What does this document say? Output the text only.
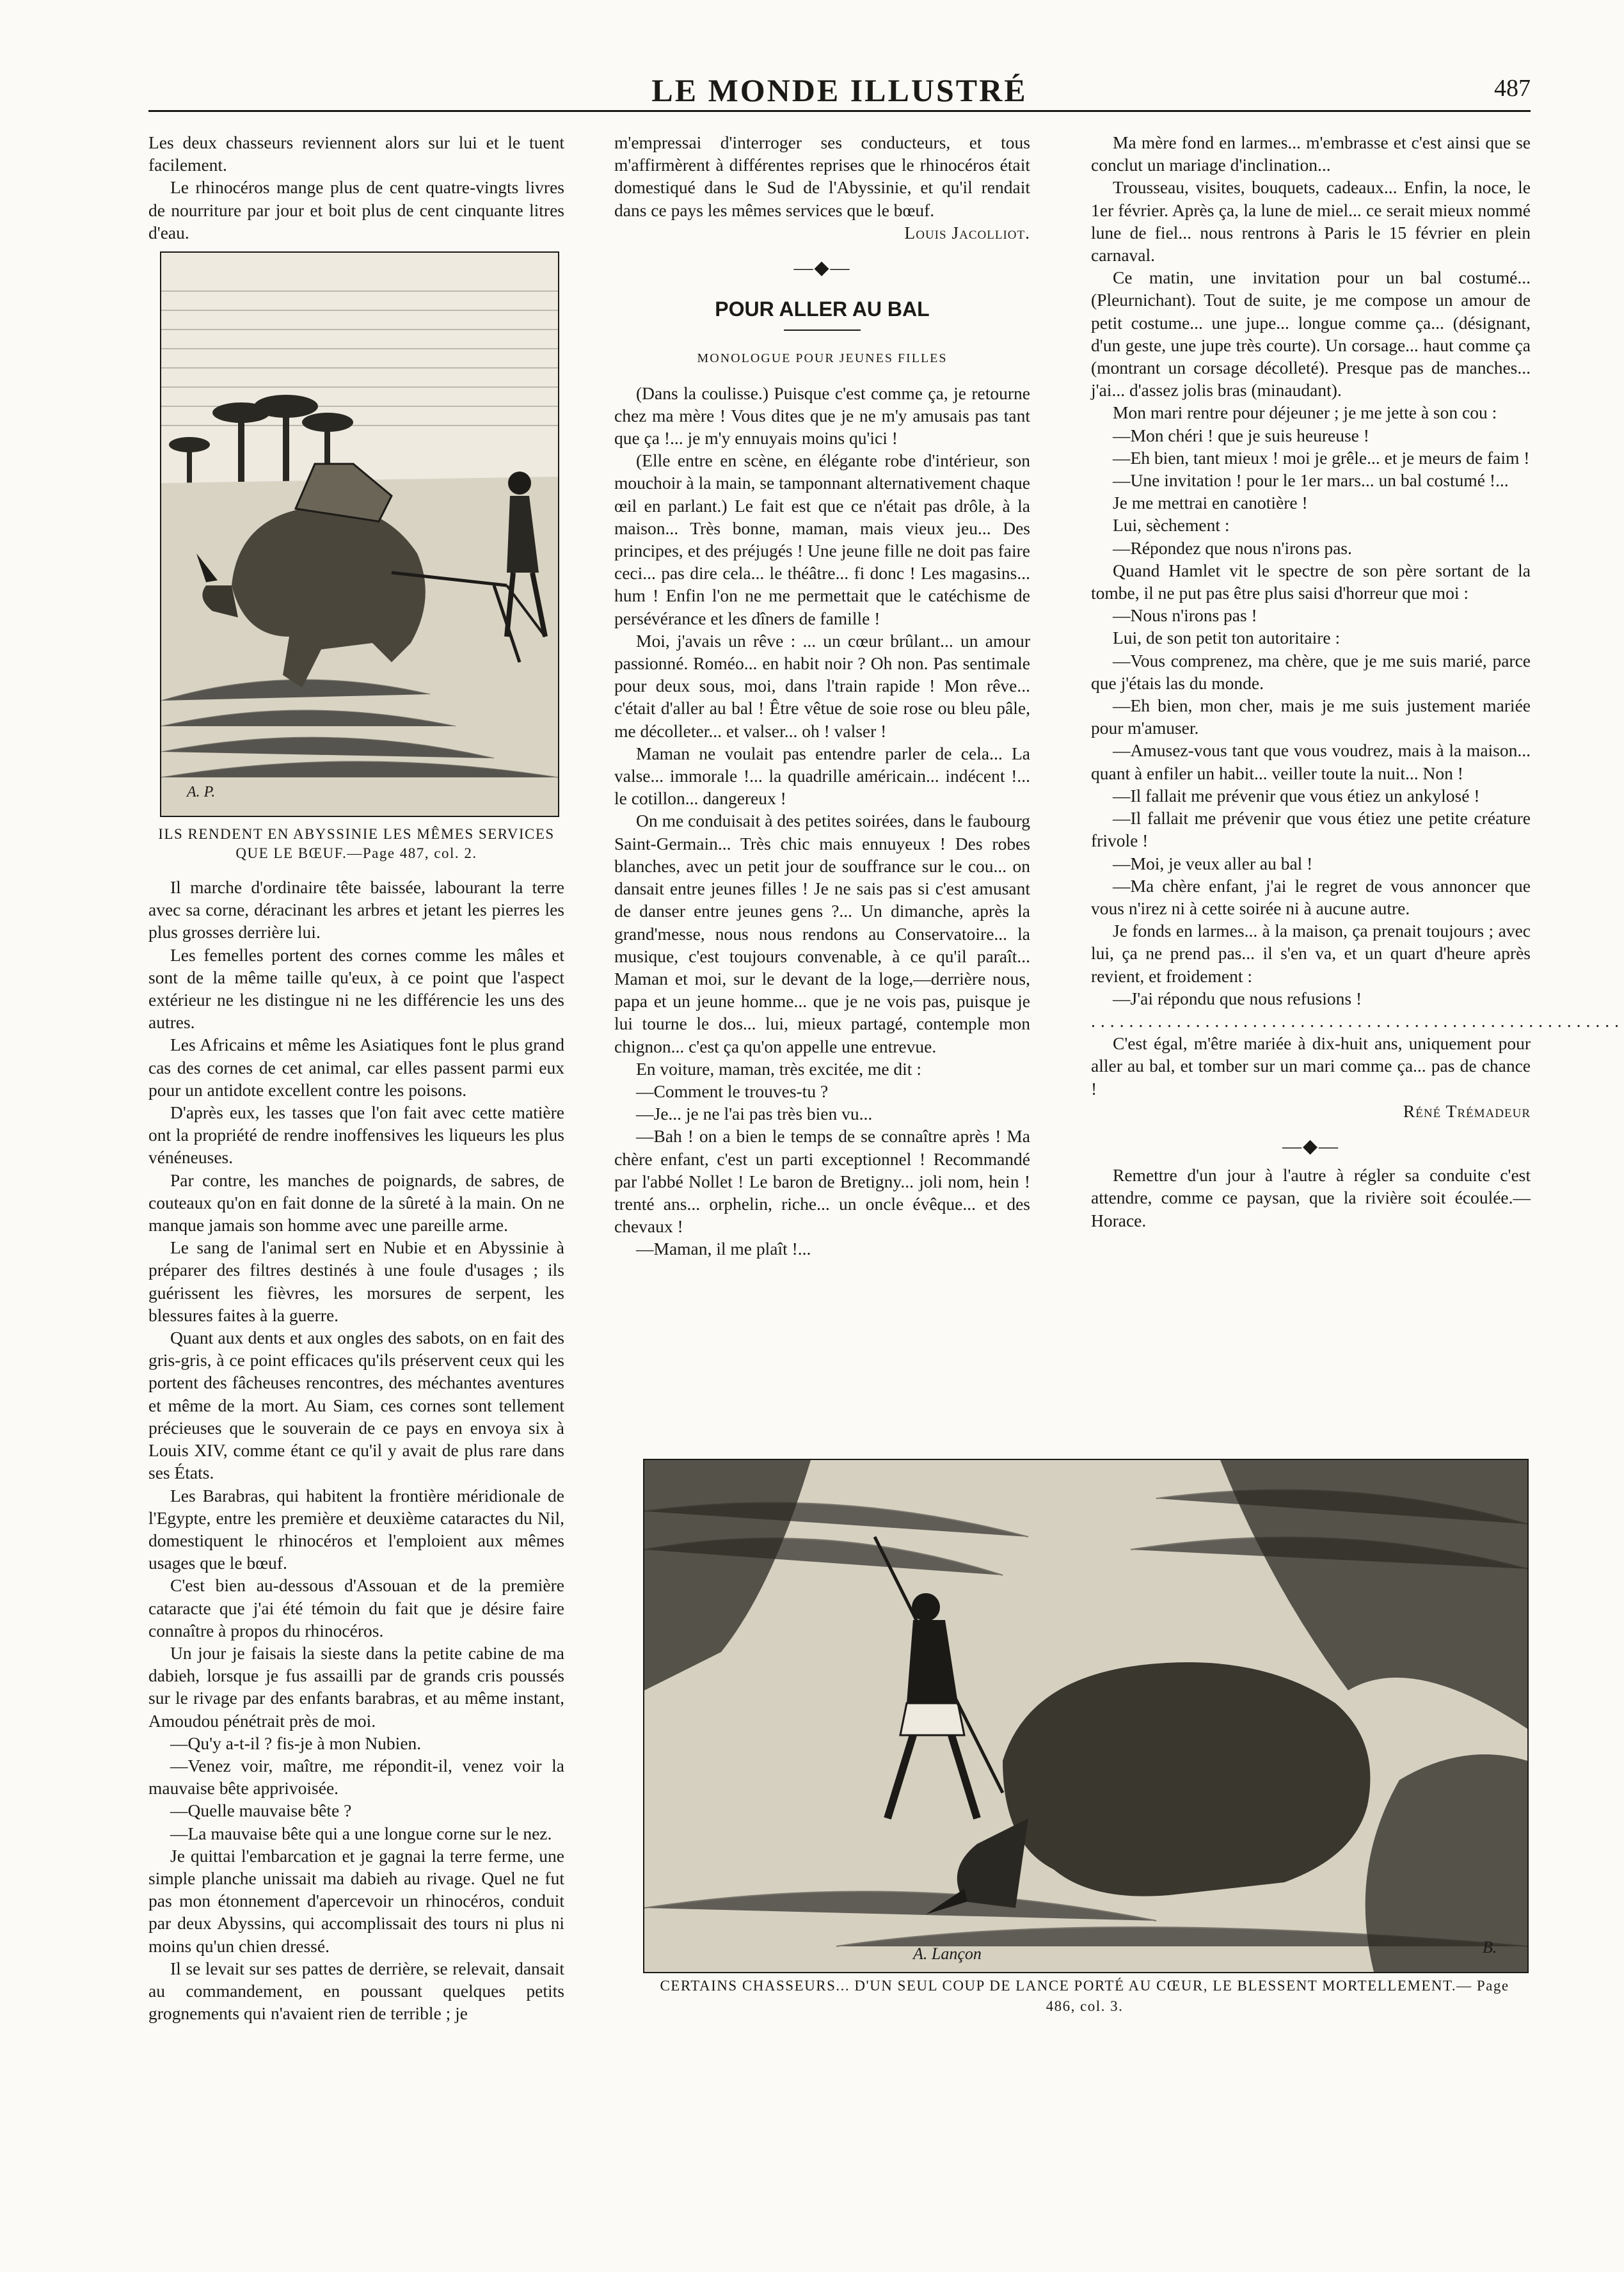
LE MONDE ILLUSTRÉ	487

Les deux chasseurs reviennent alors sur lui et le tuent facilement.

Le rhinocéros mange plus de cent quatre-vingts livres de nourriture par jour et boit plus de cent cinquante litres d'eau.

A. P.
ILS RENDENT EN ABYSSINIE LES MÊMES SERVICES QUE LE BŒUF.—Page 487, col. 2.

Il marche d'ordinaire tête baissée, labourant la terre avec sa corne, déracinant les arbres et jetant les pierres les plus grosses derrière lui.

Les femelles portent des cornes comme les mâles et sont de la même taille qu'eux, à ce point que l'aspect extérieur ne les distingue ni ne les différencie les uns des autres.

Les Africains et même les Asiatiques font le plus grand cas des cornes de cet animal, car elles passent parmi eux pour un antidote excellent contre les poisons.

D'après eux, les tasses que l'on fait avec cette matière ont la propriété de rendre inoffensives les liqueurs les plus vénéneuses.

Par contre, les manches de poignards, de sabres, de couteaux qu'on en fait donne de la sûreté à la main. On ne manque jamais son homme avec une pareille arme.

Le sang de l'animal sert en Nubie et en Abyssinie à préparer des filtres destinés à une foule d'usages ; ils guérissent les fièvres, les morsures de serpent, les blessures faites à la guerre.

Quant aux dents et aux ongles des sabots, on en fait des gris-gris, à ce point efficaces qu'ils préservent ceux qui les portent des fâcheuses rencontres, des méchantes aventures et même de la mort. Au Siam, ces cornes sont tellement précieuses que le souverain de ce pays en envoya six à Louis XIV, comme étant ce qu'il y avait de plus rare dans ses États.

Les Barabras, qui habitent la frontière méridionale de l'Egypte, entre les première et deuxième cataractes du Nil, domestiquent le rhinocéros et l'emploient aux mêmes usages que le bœuf.

C'est bien au-dessous d'Assouan et de la première cataracte que j'ai été témoin du fait que je désire faire connaître à propos du rhinocéros.

Un jour je faisais la sieste dans la petite cabine de ma dabieh, lorsque je fus assailli par de grands cris poussés sur le rivage par des enfants barabras, et au même instant, Amoudou pénétrait près de moi.

—Qu'y a-t-il ? fis-je à mon Nubien.

—Venez voir, maître, me répondit-il, venez voir la mauvaise bête apprivoisée.

—Quelle mauvaise bête ?

—La mauvaise bête qui a une longue corne sur le nez.

Je quittai l'embarcation et je gagnai la terre ferme, une simple planche unissait ma dabieh au rivage. Quel ne fut pas mon étonnement d'apercevoir un rhinocéros, conduit par deux Abyssins, qui accomplissait des tours ni plus ni moins qu'un chien dressé.

Il se levait sur ses pattes de derrière, se relevait, dansait au commandement, en poussant quelques petits grognements qui n'avaient rien de terrible ; je

m'empressai d'interroger ses conducteurs, et tous m'affirmèrent à différentes reprises que le rhinocéros était domestiqué dans le Sud de l'Abyssinie, et qu'il rendait dans ce pays les mêmes services que le bœuf.

Louis Jacolliot.
—◆—
POUR ALLER AU BAL
MONOLOGUE POUR JEUNES FILLES

(Dans la coulisse.) Puisque c'est comme ça, je retourne chez ma mère ! Vous dites que je ne m'y amusais pas tant que ça !... je m'y ennuyais moins qu'ici !

(Elle entre en scène, en élégante robe d'intérieur, son mouchoir à la main, se tamponnant alternativement chaque œil en parlant.) Le fait est que ce n'était pas drôle, à la maison... Très bonne, maman, mais vieux jeu... Des principes, et des préjugés ! Une jeune fille ne doit pas faire ceci... pas dire cela... le théâtre... fi donc ! Les magasins... hum ! Enfin l'on ne me permettait que le catéchisme de persévérance et les dîners de famille !

Moi, j'avais un rêve : ... un cœur brûlant... un amour passionné. Roméo... en habit noir ? Oh non. Pas sentimale pour deux sous, moi, dans l'train rapide ! Mon rêve... c'était d'aller au bal ! Être vêtue de soie rose ou bleu pâle, me décolleter... et valser... oh ! valser !

Maman ne voulait pas entendre parler de cela... La valse... immorale !... la quadrille américain... indécent !... le cotillon... dangereux !

On me conduisait à des petites soirées, dans le faubourg Saint-Germain... Très chic mais ennuyeux ! Des robes blanches, avec un petit jour de souffrance sur le cou... on dansait entre jeunes filles ! Je ne sais pas si c'est amusant de danser entre jeunes gens ?... Un dimanche, après la grand'messe, nous nous rendons au Conservatoire... la musique, c'est toujours convenable, à ce qu'il paraît... Maman et moi, sur le devant de la loge,—derrière nous, papa et un jeune homme... que je ne vois pas, puisque je lui tourne le dos... lui, mieux partagé, contemple mon chignon... c'est ça qu'on appelle une entrevue.

En voiture, maman, très excitée, me dit :

—Comment le trouves-tu ?

—Je... je ne l'ai pas très bien vu...

—Bah ! on a bien le temps de se connaître après ! Ma chère enfant, c'est un parti exceptionnel ! Recommandé par l'abbé Nollet ! Le baron de Bretigny... joli nom, hein ! trenté ans... orphelin, riche... un oncle évêque... et des chevaux !

—Maman, il me plaît !...

Ma mère fond en larmes... m'embrasse et c'est ainsi que se conclut un mariage d'inclination...

Trousseau, visites, bouquets, cadeaux... Enfin, la noce, le 1er février. Après ça, la lune de miel... ce serait mieux nommé lune de fiel... nous rentrons à Paris le 15 février en plein carnaval.

Ce matin, une invitation pour un bal costumé... (Pleurnichant). Tout de suite, je me compose un amour de petit costume... une jupe... longue comme ça... (désignant, d'un geste, une jupe très courte). Un corsage... haut comme ça (montrant un corsage décolleté). Presque pas de manches... j'ai... d'assez jolis bras (minaudant).

Mon mari rentre pour déjeuner ; je me jette à son cou :

—Mon chéri ! que je suis heureuse !

—Eh bien, tant mieux ! moi je grêle... et je meurs de faim !

—Une invitation ! pour le 1er mars... un bal costumé !...

Je me mettrai en canotière !

Lui, sèchement :

—Répondez que nous n'irons pas.

Quand Hamlet vit le spectre de son père sortant de la tombe, il ne put pas être plus saisi d'horreur que moi :

—Nous n'irons pas !

Lui, de son petit ton autoritaire :

—Vous comprenez, ma chère, que je me suis marié, parce que j'étais las du monde.

—Eh bien, mon cher, mais je me suis justement mariée pour m'amuser.

—Amusez-vous tant que vous voudrez, mais à la maison... quant à enfiler un habit... veiller toute la nuit... Non !

—Il fallait me prévenir que vous étiez un ankylosé !

—Il fallait me prévenir que vous étiez une petite créature frivole !

—Moi, je veux aller au bal !

—Ma chère enfant, j'ai le regret de vous annoncer que vous n'irez ni à cette soirée ni à aucune autre.

Je fonds en larmes... à la maison, ça prenait toujours ; avec lui, ça ne prend pas... il s'en va, et un quart d'heure après revient, et froidement :

—J'ai répondu que nous refusions !

........................................................

C'est égal, m'être mariée à dix-huit ans, uniquement pour aller au bal, et tomber sur un mari comme ça... pas de chance !

Réné Trémadeur
—◆—

Remettre d'un jour à l'autre à régler sa conduite c'est attendre, comme ce paysan, que la rivière soit écoulée.—Horace.

A. Lançon	B.
CERTAINS CHASSEURS... D'UN SEUL COUP DE LANCE PORTÉ AU CŒUR, LE BLESSENT MORTELLEMENT.— Page 486, col. 3.
